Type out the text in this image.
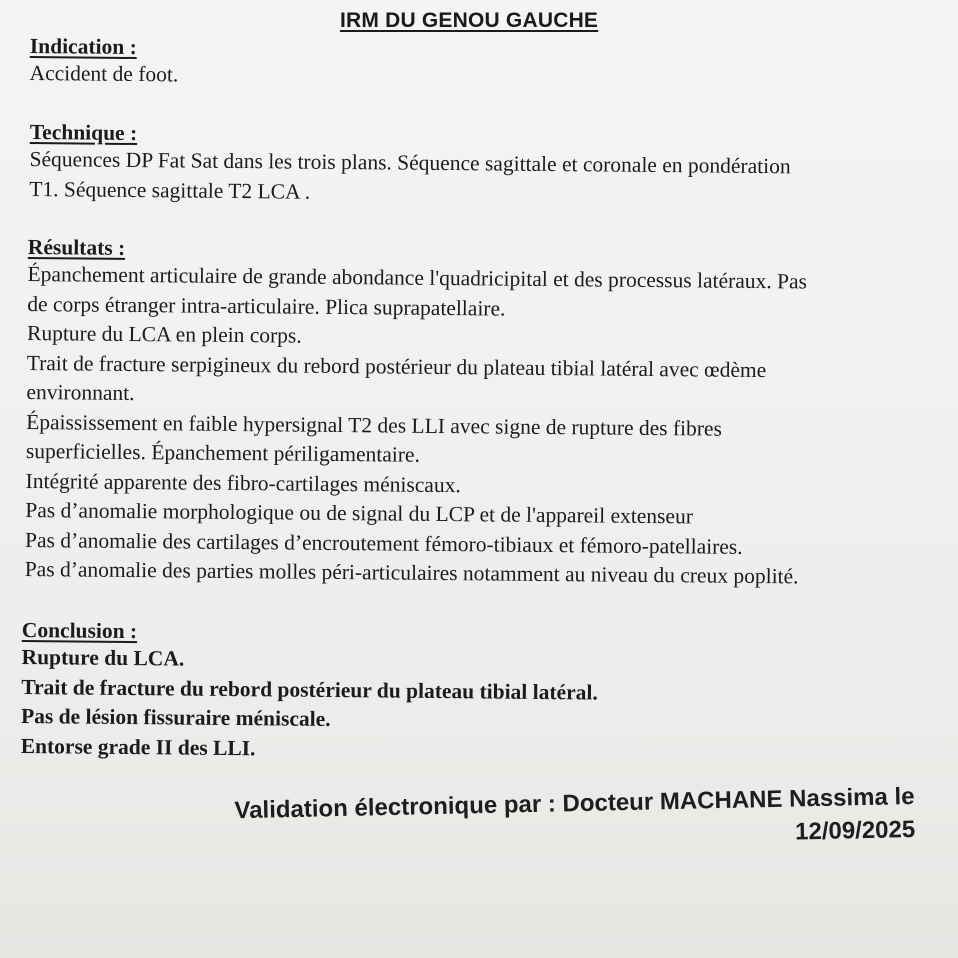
IRM DU GENOU GAUCHE
Indication :
Accident de foot.
Technique :
Séquences DP Fat Sat dans les trois plans. Séquence sagittale et coronale en pondération
T1. Séquence sagittale T2 LCA .
Résultats :
Épanchement articulaire de grande abondance l'quadricipital et des processus latéraux. Pas
de corps étranger intra-articulaire. Plica suprapatellaire.
Rupture du LCA en plein corps.
Trait de fracture serpigineux du rebord postérieur du plateau tibial latéral avec œdème
environnant.
Épaississement en faible hypersignal T2 des LLI avec signe de rupture des fibres
superficielles. Épanchement périligamentaire.
Intégrité apparente des fibro-cartilages méniscaux.
Pas d’anomalie morphologique ou de signal du LCP et de l'appareil extenseur
Pas d’anomalie des cartilages d’encroutement fémoro-tibiaux et fémoro-patellaires.
Pas d’anomalie des parties molles péri-articulaires notamment au niveau du creux poplité.
Conclusion :
Rupture du LCA.
Trait de fracture du rebord postérieur du plateau tibial latéral.
Pas de lésion fissuraire méniscale.
Entorse grade II des LLI.
Validation électronique par : Docteur MACHANE Nassima le
12/09/2025
